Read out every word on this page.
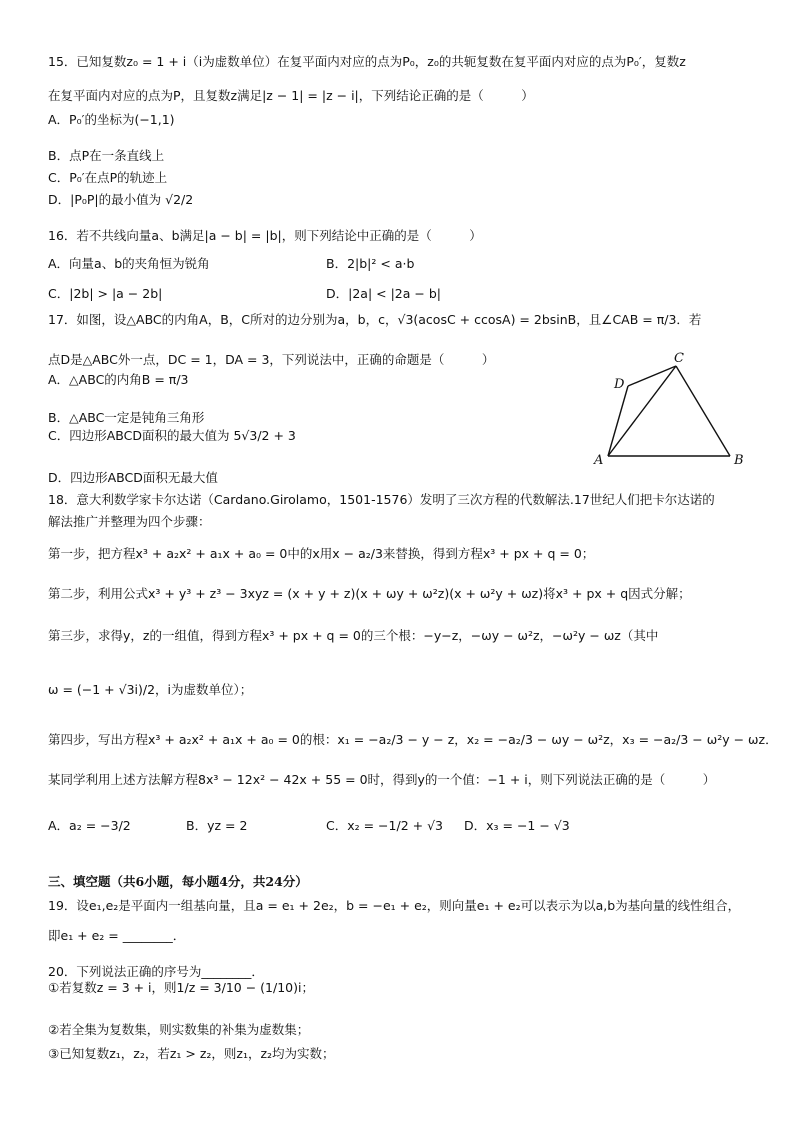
15．已知复数z₀ = 1 + i（i为虚数单位）在复平面内对应的点为P₀，z₀的共轭复数在复平面内对应的点为P₀′，复数z
在复平面内对应的点为P，且复数z满足|z − 1| = |z − i|，下列结论正确的是（　　　）
A．P₀′的坐标为(−1,1)
B．点P在一条直线上
C．P₀′在点P的轨迹上
D．|P₀P|的最小值为 √2/2
16．若不共线向量a、b满足|a − b| = |b|，则下列结论中正确的是（　　　）
A．向量a、b的夹角恒为锐角	B．2|b|² < a·b
C．|2b| > |a − 2b|	D．|2a| < |2a − b|
17．如图，设△ABC的内角A，B，C所对的边分别为a，b，c，√3(acosC + ccosA) = 2bsinB，且∠CAB = π/3．若
点D是△ABC外一点，DC = 1，DA = 3，下列说法中，正确的命题是（　　　）
A．△ABC的内角B = π/3
B．△ABC一定是钝角三角形
C．四边形ABCD面积的最大值为 5√3/2 + 3
D．四边形ABCD面积无最大值
A	B
C
D
18．意大利数学家卡尔达诺（Cardano.Girolamo，1501-1576）发明了三次方程的代数解法.17世纪人们把卡尔达诺的
解法推广并整理为四个步骤：
第一步，把方程x³ + a₂x² + a₁x + a₀ = 0中的x用x − a₂/3来替换，得到方程x³ + px + q = 0；
第二步，利用公式x³ + y³ + z³ − 3xyz = (x + y + z)(x + ωy + ω²z)(x + ω²y + ωz)将x³ + px + q因式分解；
第三步，求得y，z的一组值，得到方程x³ + px + q = 0的三个根：−y−z，−ωy − ω²z，−ω²y − ωz（其中
ω = (−1 + √3i)/2，i为虚数单位）；
第四步，写出方程x³ + a₂x² + a₁x + a₀ = 0的根：x₁ = −a₂/3 − y − z，x₂ = −a₂/3 − ωy − ω²z，x₃ = −a₂/3 − ω²y − ωz．
某同学利用上述方法解方程8x³ − 12x² − 42x + 55 = 0时，得到y的一个值：−1 + i，则下列说法正确的是（　　　）
A．a₂ = −3/2	B．yz = 2	C．x₂ = −1/2 + √3 D．x₃ = −1 − √3
三、填空题（共6小题，每小题4分，共24分）
19．设e₁,e₂是平面内一组基向量，且a = e₁ + 2e₂，b = −e₁ + e₂，则向量e₁ + e₂可以表示为以a,b为基向量的线性组合，
即e₁ + e₂ = ________．
20．下列说法正确的序号为________．
①若复数z = 3 + i，则1/z = 3/10 − (1/10)i；
②若全集为复数集，则实数集的补集为虚数集；
③已知复数z₁，z₂，若z₁ > z₂，则z₁，z₂均为实数；
